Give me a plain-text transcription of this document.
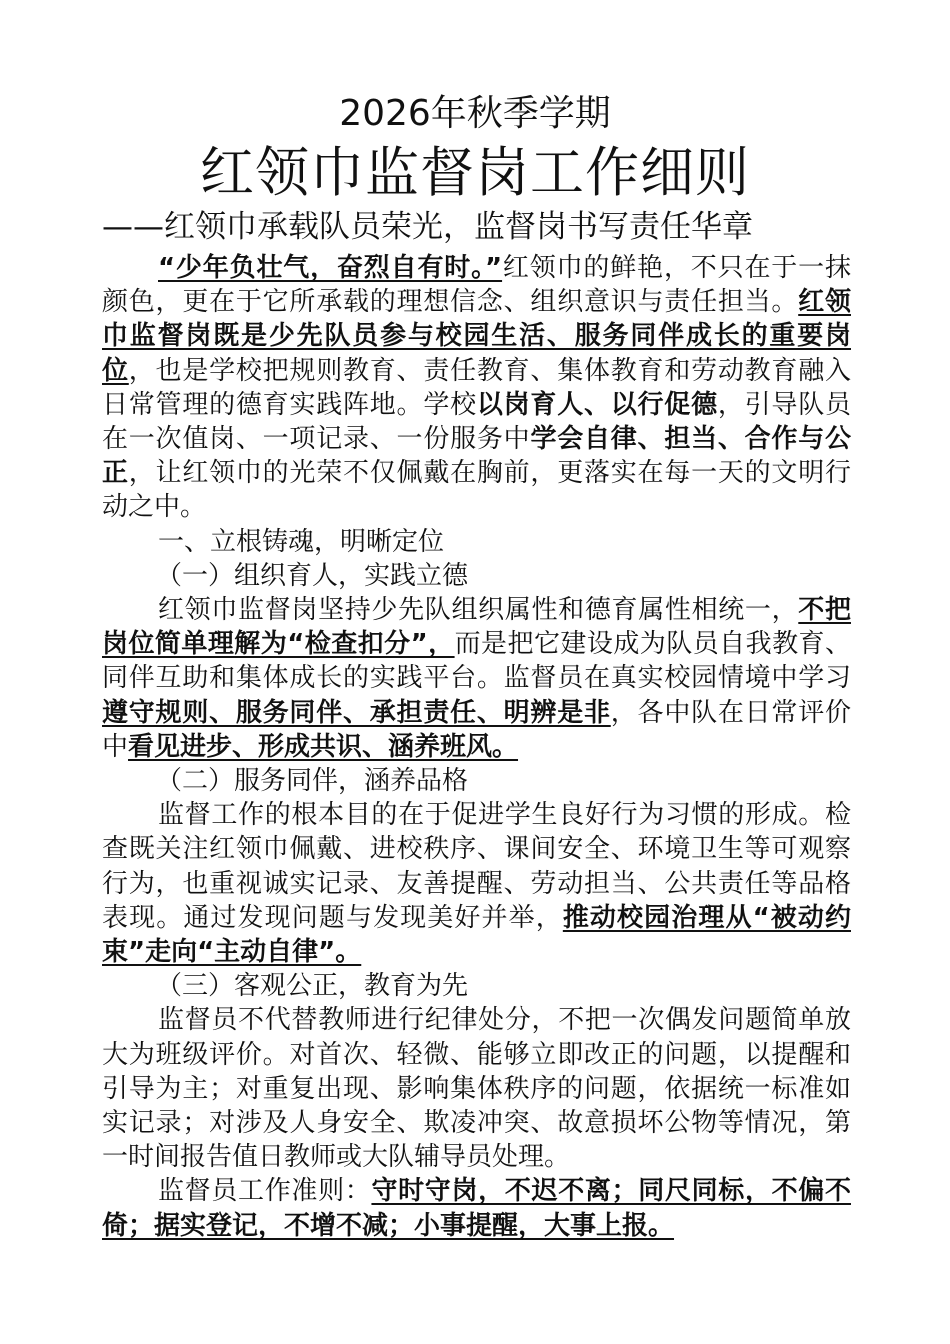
2026年秋季学期
红领巾监督岗工作细则
——红领巾承载队员荣光，监督岗书写责任华章

“少年负壮气，奋烈自有时。”红领巾的鲜艳，不只在于一抹颜色，更在于它所承载的理想信念、组织意识与责任担当。红领巾监督岗既是少先队员参与校园生活、服务同伴成长的重要岗位，也是学校把规则教育、责任教育、集体教育和劳动教育融入日常管理的德育实践阵地。学校以岗育人、以行促德，引导队员在一次值岗、一项记录、一份服务中学会自律、担当、合作与公正，让红领巾的光荣不仅佩戴在胸前，更落实在每一天的文明行动之中。

一、立根铸魂，明晰定位
（一）组织育人，实践立德

红领巾监督岗坚持少先队组织属性和德育属性相统一，不把岗位简单理解为“检查扣分”，而是把它建设成为队员自我教育、同伴互助和集体成长的实践平台。监督员在真实校园情境中学习遵守规则、服务同伴、承担责任、明辨是非，各中队在日常评价中看见进步、形成共识、涵养班风。

（二）服务同伴，涵养品格

监督工作的根本目的在于促进学生良好行为习惯的形成。检查既关注红领巾佩戴、进校秩序、课间安全、环境卫生等可观察行为，也重视诚实记录、友善提醒、劳动担当、公共责任等品格表现。通过发现问题与发现美好并举，推动校园治理从“被动约束”走向“主动自律”。

（三）客观公正，教育为先

监督员不代替教师进行纪律处分，不把一次偶发问题简单放大为班级评价。对首次、轻微、能够立即改正的问题，以提醒和引导为主；对重复出现、影响集体秩序的问题，依据统一标准如实记录；对涉及人身安全、欺凌冲突、故意损坏公物等情况，第一时间报告值日教师或大队辅导员处理。

监督员工作准则：守时守岗，不迟不离；同尺同标，不偏不倚；据实登记，不增不减；小事提醒，大事上报。
